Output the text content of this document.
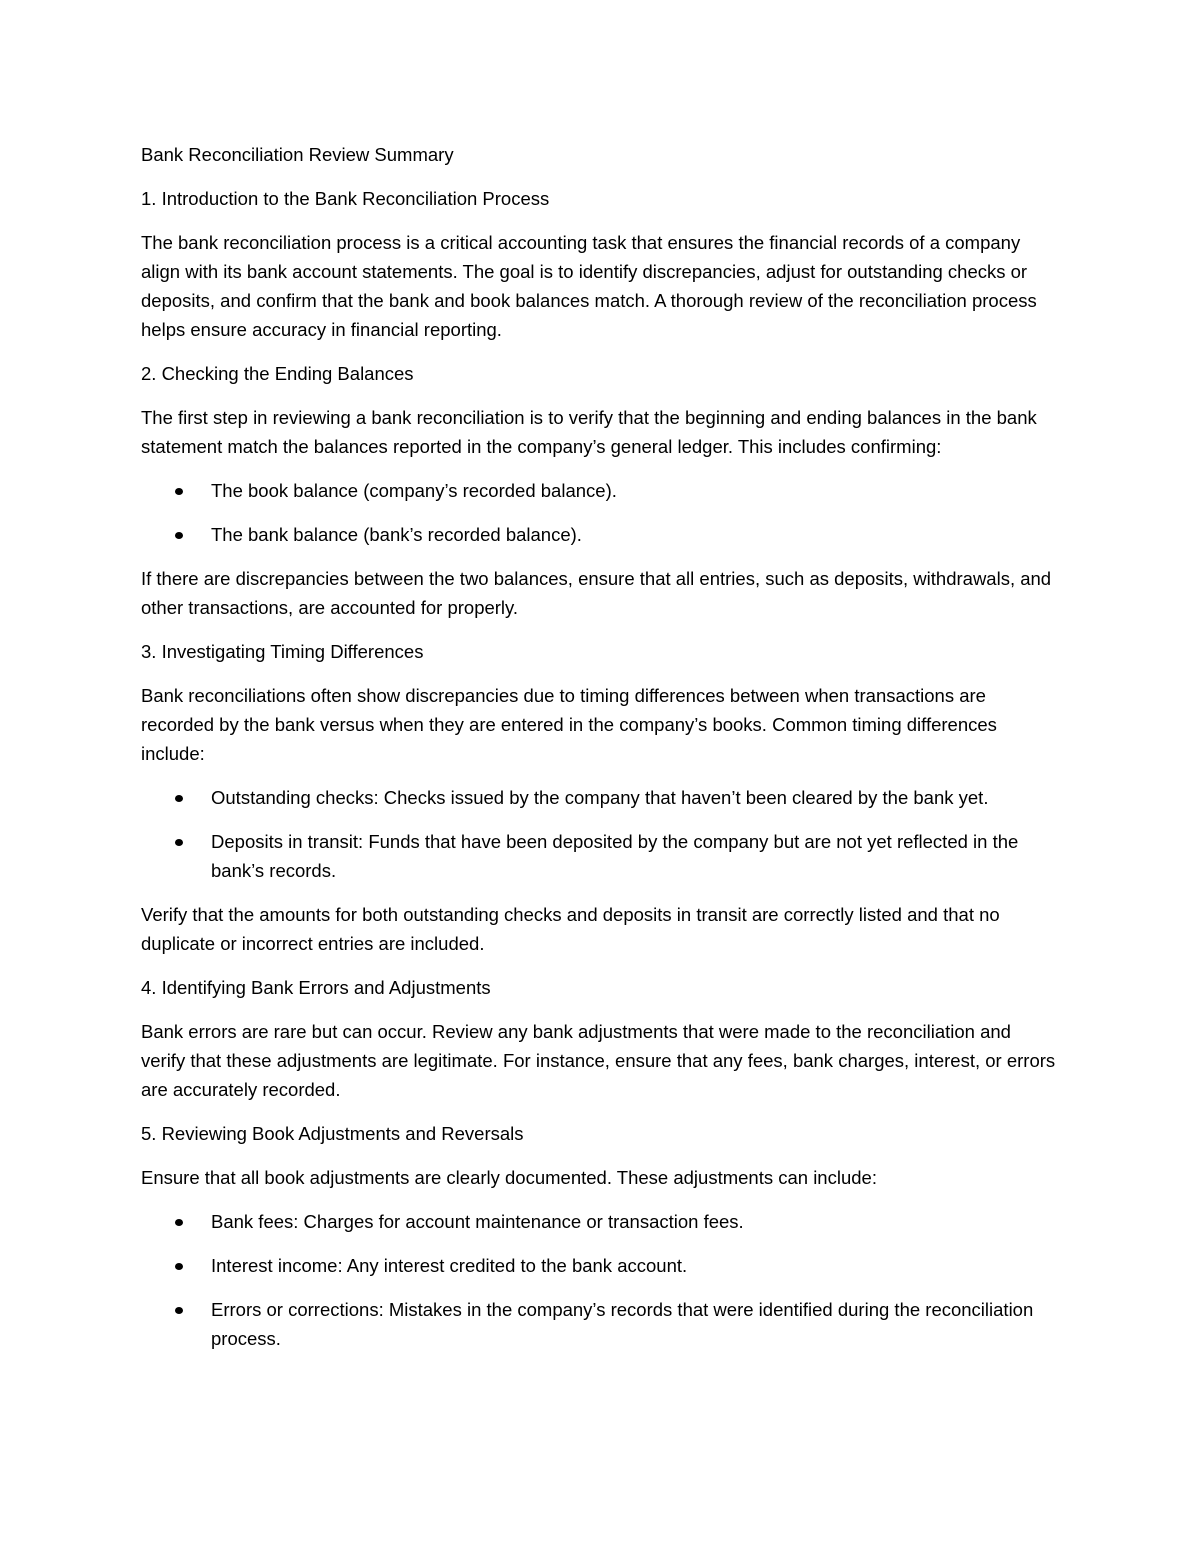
Bank Reconciliation Review Summary

1. Introduction to the Bank Reconciliation Process

The bank reconciliation process is a critical accounting task that ensures the financial records of a company align with its bank account statements. The goal is to identify discrepancies, adjust for outstanding checks or deposits, and confirm that the bank and book balances match. A thorough review of the reconciliation process helps ensure accuracy in financial reporting.

2. Checking the Ending Balances

The first step in reviewing a bank reconciliation is to verify that the beginning and ending balances in the bank statement match the balances reported in the company’s general ledger. This includes confirming:

The book balance (company’s recorded balance).
The bank balance (bank’s recorded balance).

If there are discrepancies between the two balances, ensure that all entries, such as deposits, withdrawals, and other transactions, are accounted for properly.

3. Investigating Timing Differences

Bank reconciliations often show discrepancies due to timing differences between when transactions are recorded by the bank versus when they are entered in the company’s books. Common timing differences include:

Outstanding checks: Checks issued by the company that haven’t been cleared by the bank yet.
Deposits in transit: Funds that have been deposited by the company but are not yet reflected in the bank’s records.

Verify that the amounts for both outstanding checks and deposits in transit are correctly listed and that no duplicate or incorrect entries are included.

4. Identifying Bank Errors and Adjustments

Bank errors are rare but can occur. Review any bank adjustments that were made to the reconciliation and verify that these adjustments are legitimate. For instance, ensure that any fees, bank charges, interest, or errors are accurately recorded.

5. Reviewing Book Adjustments and Reversals

Ensure that all book adjustments are clearly documented. These adjustments can include:

Bank fees: Charges for account maintenance or transaction fees.
Interest income: Any interest credited to the bank account.
Errors or corrections: Mistakes in the company’s records that were identified during the reconciliation process.
